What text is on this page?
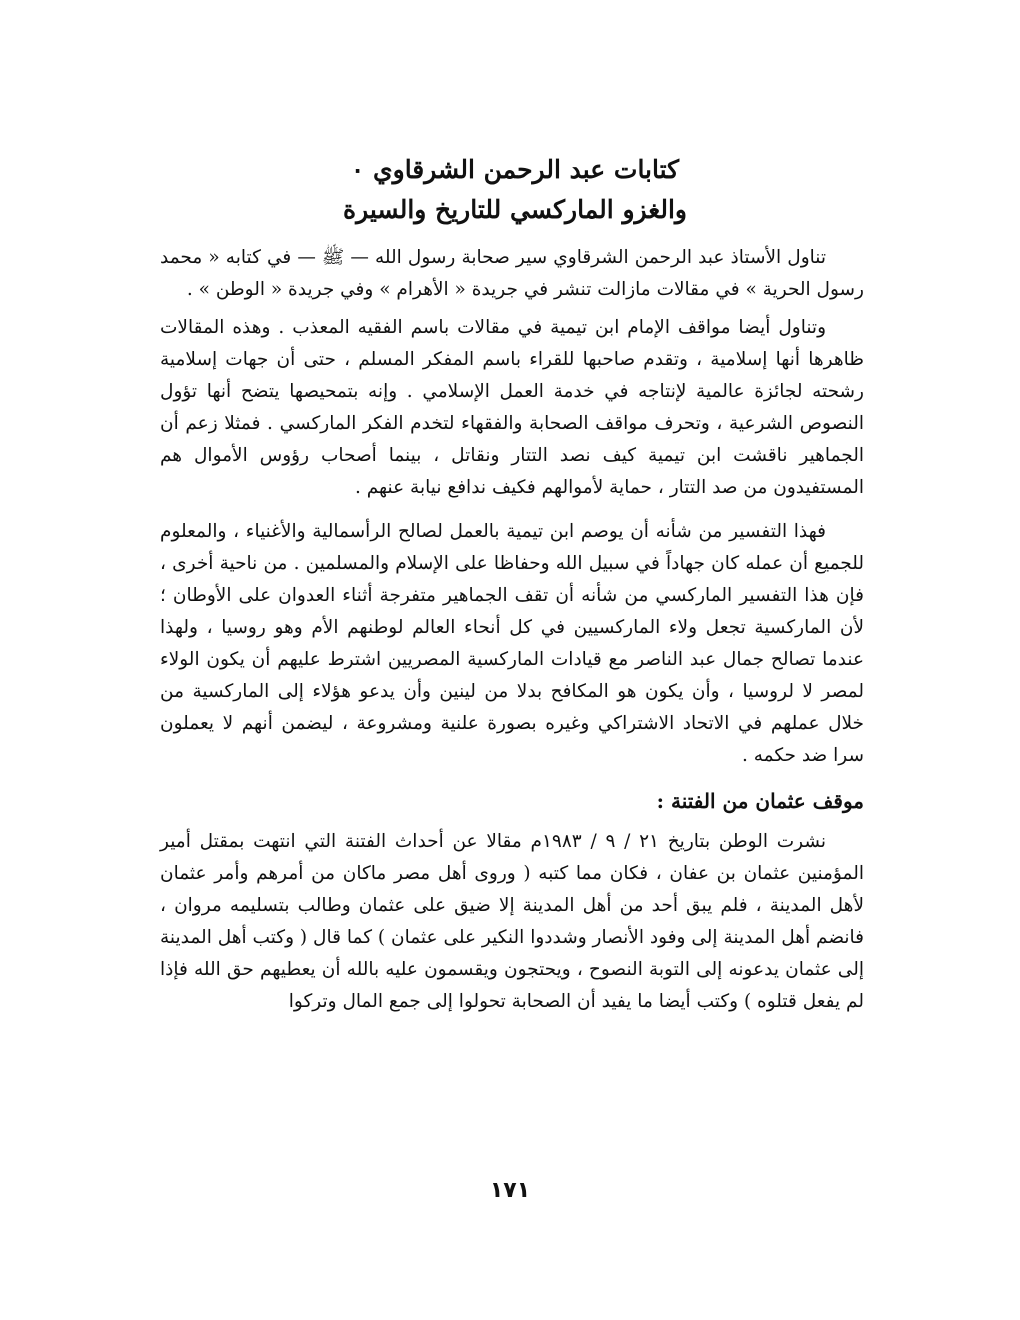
كتابات عبد الرحمن الشرقاوي ٠
والغزو الماركسي للتاريخ والسيرة

تناول الأستاذ عبد الرحمن الشرقاوي سير صحابة رسول الله — ﷺ — في كتابه « محمد رسول الحرية » في مقالات مازالت تنشر في جريدة « الأهرام » وفي جريدة « الوطن » .

وتناول أيضا مواقف الإمام ابن تيمية في مقالات باسم الفقيه المعذب . وهذه المقالات ظاهرها أنها إسلامية ، وتقدم صاحبها للقراء باسم المفكر المسلم ، حتى أن جهات إسلامية رشحته لجائزة عالمية لإنتاجه في خدمة العمل الإسلامي . وإنه بتمحيصها يتضح أنها تؤول النصوص الشرعية ، وتحرف مواقف الصحابة والفقهاء لتخدم الفكر الماركسي . فمثلا زعم أن الجماهير ناقشت ابن تيمية كيف نصد التتار ونقاتل ، بينما أصحاب رؤوس الأموال هم المستفيدون من صد التتار ، حماية لأموالهم فكيف ندافع نيابة عنهم .

فهذا التفسير من شأنه أن يوصم ابن تيمية بالعمل لصالح الرأسمالية والأغنياء ، والمعلوم للجميع أن عمله كان جهاداً في سبيل الله وحفاظا على الإسلام والمسلمين . من ناحية أخرى ، فإن هذا التفسير الماركسي من شأنه أن تقف الجماهير متفرجة أثناء العدوان على الأوطان ؛ لأن الماركسية تجعل ولاء الماركسيين في كل أنحاء العالم لوطنهم الأم وهو روسيا ، ولهذا عندما تصالح جمال عبد الناصر مع قيادات الماركسية المصريين اشترط عليهم أن يكون الولاء لمصر لا لروسيا ، وأن يكون هو المكافح بدلا من لينين وأن يدعو هؤلاء إلى الماركسية من خلال عملهم في الاتحاد الاشتراكي وغيره بصورة علنية ومشروعة ، ليضمن أنهم لا يعملون سرا ضد حكمه .

موقف عثمان من الفتنة :

نشرت الوطن بتاريخ ٢١ / ٩ / ١٩٨٣م مقالا عن أحداث الفتنة التي انتهت بمقتل أمير المؤمنين عثمان بن عفان ، فكان مما كتبه ( وروى أهل مصر ماكان من أمرهم وأمر عثمان لأهل المدينة ، فلم يبق أحد من أهل المدينة إلا ضيق على عثمان وطالب بتسليمه مروان ، فانضم أهل المدينة إلى وفود الأنصار وشددوا النكير على عثمان ) كما قال ( وكتب أهل المدينة إلى عثمان يدعونه إلى التوبة النصوح ، ويحتجون ويقسمون عليه بالله أن يعطيهم حق الله فإذا لم يفعل قتلوه ) وكتب أيضا ما يفيد أن الصحابة تحولوا إلى جمع المال وتركوا

١٧١
